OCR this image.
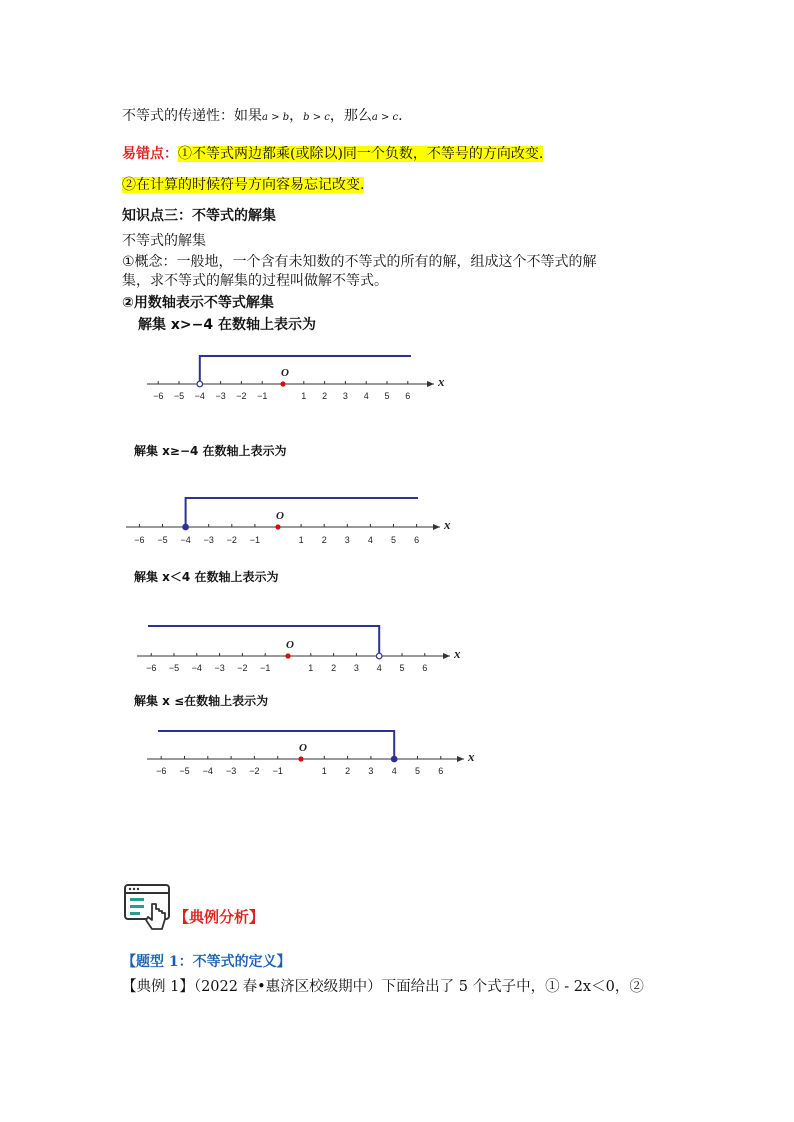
不等式的传递性：如果a > b，b > c，那么a > c.
易错点：①不等式两边都乘(或除以)同一个负数，不等号的方向改变.
②在计算的时候符号方向容易忘记改变.
知识点三：不等式的解集
不等式的解集
①概念：一般地，一个含有未知数的不等式的所有的解，组成这个不等式的解
集，求不等式的解集的过程叫做解不等式。
②用数轴表示不等式解集
解集 x>−4 在数轴上表示为
解集 x≥−4 在数轴上表示为
解集 x＜4 在数轴上表示为
解集 x ≤在数轴上表示为
−6 −5 −4 −3 −2 −1	1 2 3 4 5 6
O
x
−6 −5 −4 −3 −2 −1	1 2 3 4 5 6
O
x
−6 −5 −4 −3 −2 −1	1 2 3 4 5 6
O
x
−6 −5 −4 −3 −2 −1	1 2 3 4 5 6
O
x
【典例分析】
【题型 1：不等式的定义】
【典例 1】（2022 春•惠济区校级期中）下面给出了 5 个式子中，① - 2x＜0，②
